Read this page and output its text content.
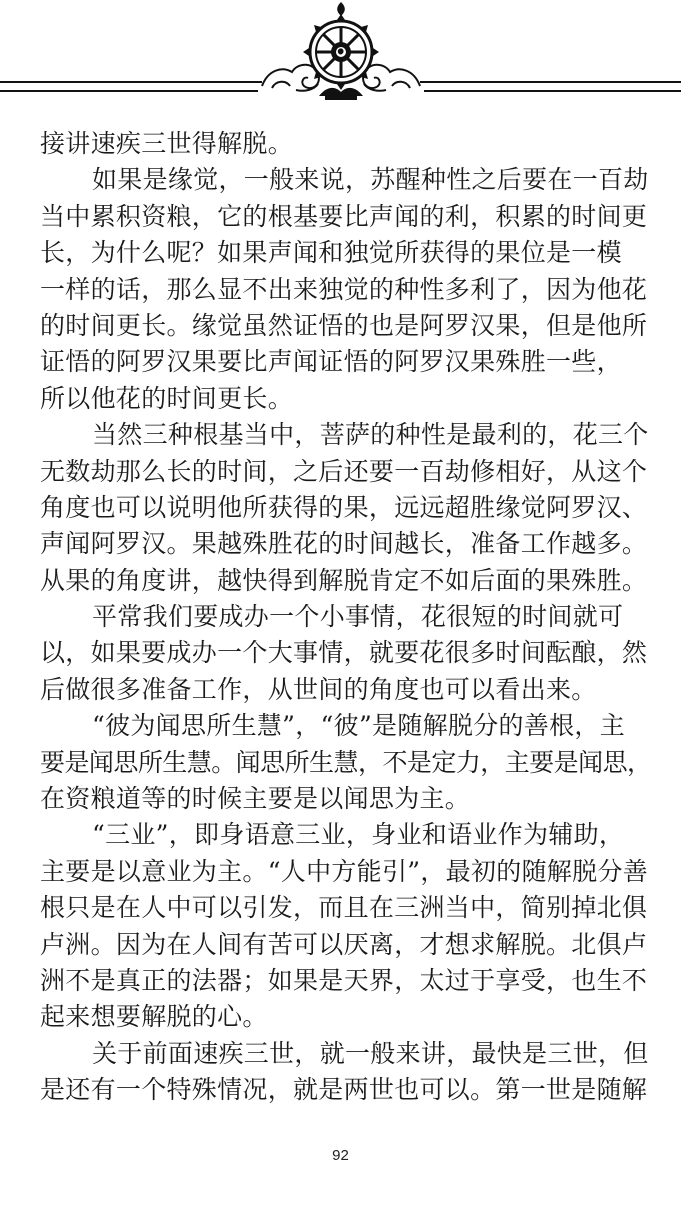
接讲速疾三世得解脱。
如果是缘觉，一般来说，苏醒种性之后要在一百劫
当中累积资粮，它的根基要比声闻的利，积累的时间更
长，为什么呢？如果声闻和独觉所获得的果位是一模
一样的话，那么显不出来独觉的种性多利了，因为他花
的时间更长。缘觉虽然证悟的也是阿罗汉果，但是他所
证悟的阿罗汉果要比声闻证悟的阿罗汉果殊胜一些，
所以他花的时间更长。
当然三种根基当中，菩萨的种性是最利的，花三个
无数劫那么长的时间，之后还要一百劫修相好，从这个
角度也可以说明他所获得的果，远远超胜缘觉阿罗汉、
声闻阿罗汉。果越殊胜花的时间越长，准备工作越多。
从果的角度讲，越快得到解脱肯定不如后面的果殊胜。
平常我们要成办一个小事情，花很短的时间就可
以，如果要成办一个大事情，就要花很多时间酝酿，然
后做很多准备工作，从世间的角度也可以看出来。
“彼为闻思所生慧”，“彼”是随解脱分的善根，主
要是闻思所生慧。闻思所生慧，不是定力，主要是闻思，
在资粮道等的时候主要是以闻思为主。
“三业”，即身语意三业，身业和语业作为辅助，
主要是以意业为主。“人中方能引”，最初的随解脱分善
根只是在人中可以引发，而且在三洲当中，简别掉北俱
卢洲。因为在人间有苦可以厌离，才想求解脱。北俱卢
洲不是真正的法器；如果是天界，太过于享受，也生不
起来想要解脱的心。
关于前面速疾三世，就一般来讲，最快是三世，但
是还有一个特殊情况，就是两世也可以。第一世是随解
92
